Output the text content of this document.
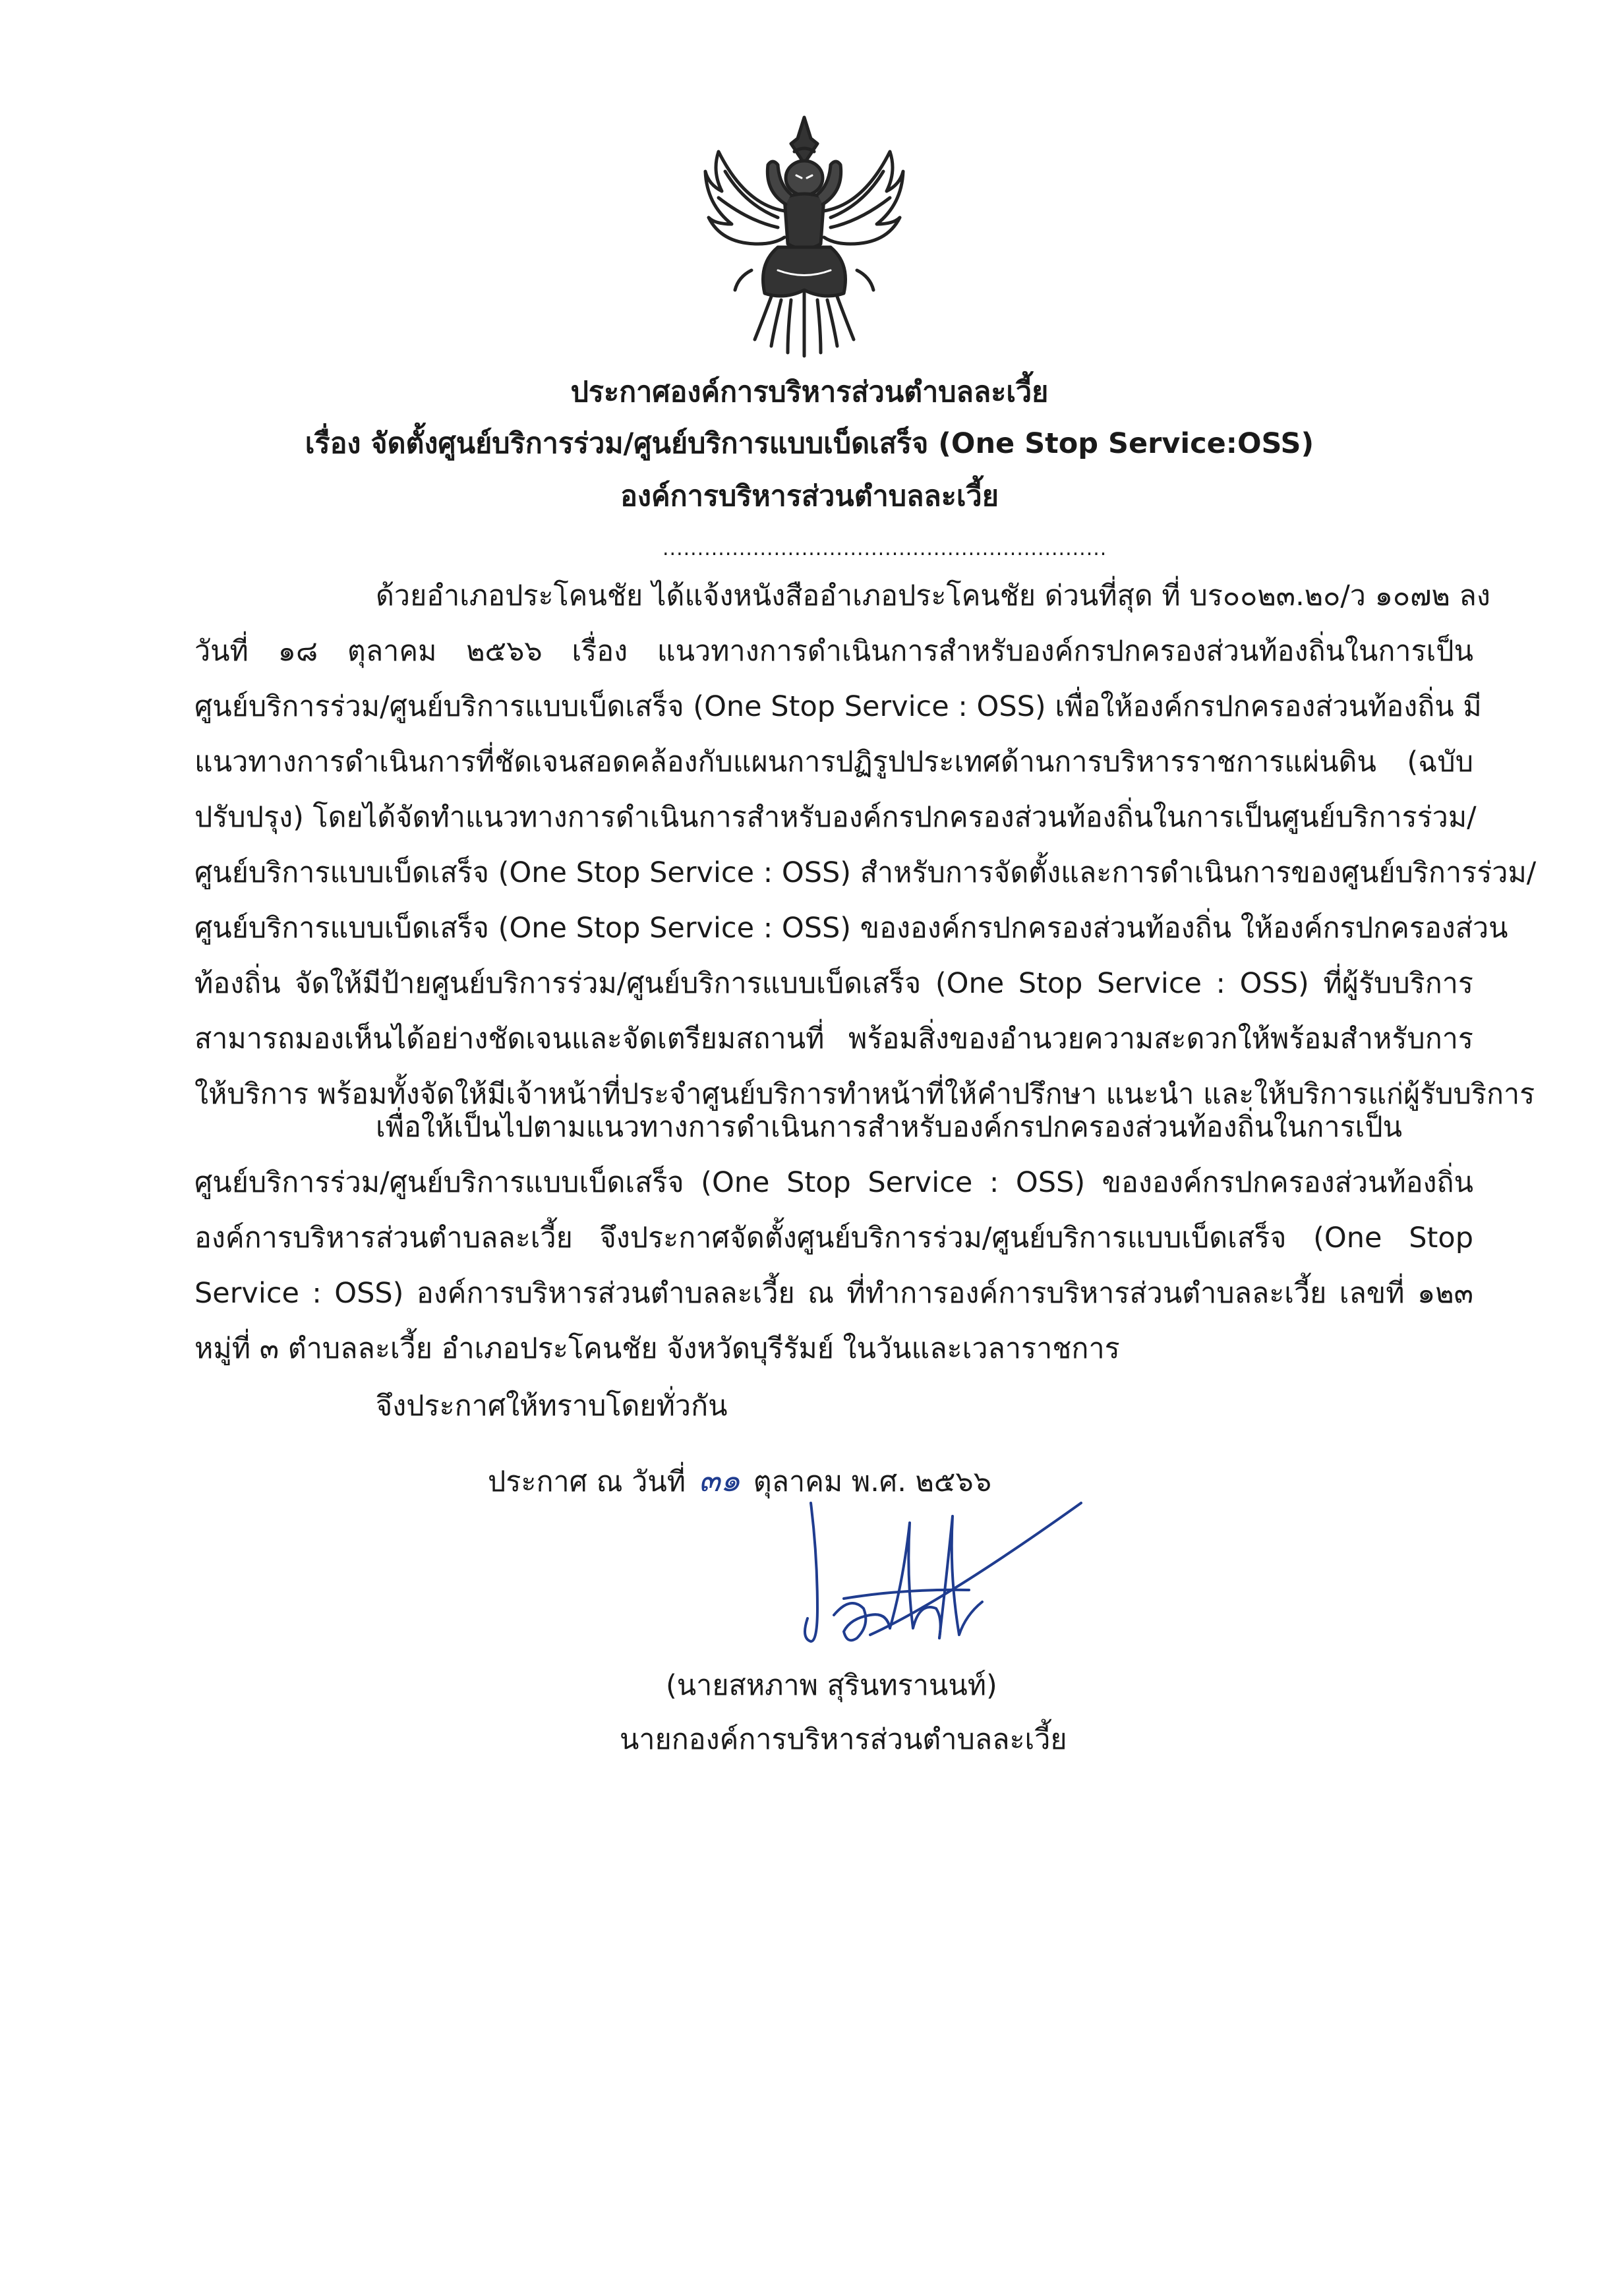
ประกาศองค์การบริหารส่วนตำบลละเวี้ย
เรื่อง จัดตั้งศูนย์บริการร่วม/ศูนย์บริการแบบเบ็ดเสร็จ (One Stop Service:OSS)
องค์การบริหารส่วนตำบลละเวี้ย
................................................................
ด้วยอำเภอประโคนชัย ได้แจ้งหนังสืออำเภอประโคนชัย ด่วนที่สุด ที่ บร๐๐๒๓.๒๐/ว ๑๐๗๒ ลง
วันที่ ๑๘ ตุลาคม ๒๕๖๖ เรื่อง แนวทางการดำเนินการสำหรับองค์กรปกครองส่วนท้องถิ่นในการเป็น
ศูนย์บริการร่วม/ศูนย์บริการแบบเบ็ดเสร็จ (One Stop Service : OSS) เพื่อให้องค์กรปกครองส่วนท้องถิ่น มี
แนวทางการดำเนินการที่ชัดเจนสอดคล้องกับแผนการปฏิรูปประเทศด้านการบริหารราชการแผ่นดิน (ฉบับ
ปรับปรุง) โดยได้จัดทำแนวทางการดำเนินการสำหรับองค์กรปกครองส่วนท้องถิ่นในการเป็นศูนย์บริการร่วม/
ศูนย์บริการแบบเบ็ดเสร็จ (One Stop Service : OSS) สำหรับการจัดตั้งและการดำเนินการของศูนย์บริการร่วม/
ศูนย์บริการแบบเบ็ดเสร็จ (One Stop Service : OSS) ขององค์กรปกครองส่วนท้องถิ่น ให้องค์กรปกครองส่วน
ท้องถิ่น จัดให้มีป้ายศูนย์บริการร่วม/ศูนย์บริการแบบเบ็ดเสร็จ (One Stop Service : OSS) ที่ผู้รับบริการ
สามารถมองเห็นได้อย่างชัดเจนและจัดเตรียมสถานที่ พร้อมสิ่งของอำนวยความสะดวกให้พร้อมสำหรับการ
ให้บริการ พร้อมทั้งจัดให้มีเจ้าหน้าที่ประจำศูนย์บริการทำหน้าที่ให้คำปรึกษา แนะนำ และให้บริการแก่ผู้รับบริการ
เพื่อให้เป็นไปตามแนวทางการดำเนินการสำหรับองค์กรปกครองส่วนท้องถิ่นในการเป็น
ศูนย์บริการร่วม/ศูนย์บริการแบบเบ็ดเสร็จ (One Stop Service : OSS) ขององค์กรปกครองส่วนท้องถิ่น
องค์การบริหารส่วนตำบลละเวี้ย จึงประกาศจัดตั้งศูนย์บริการร่วม/ศูนย์บริการแบบเบ็ดเสร็จ (One Stop
Service : OSS) องค์การบริหารส่วนตำบลละเวี้ย ณ ที่ทำการองค์การบริหารส่วนตำบลละเวี้ย เลขที่ ๑๒๓
หมู่ที่ ๓ ตำบลละเวี้ย อำเภอประโคนชัย จังหวัดบุรีรัมย์ ในวันและเวลาราชการ
จึงประกาศให้ทราบโดยทั่วกัน
ประกาศ ณ วันที่ ๓๑ ตุลาคม พ.ศ. ๒๕๖๖
(นายสหภาพ สุรินทรานนท์)
นายกองค์การบริหารส่วนตำบลละเวี้ย
